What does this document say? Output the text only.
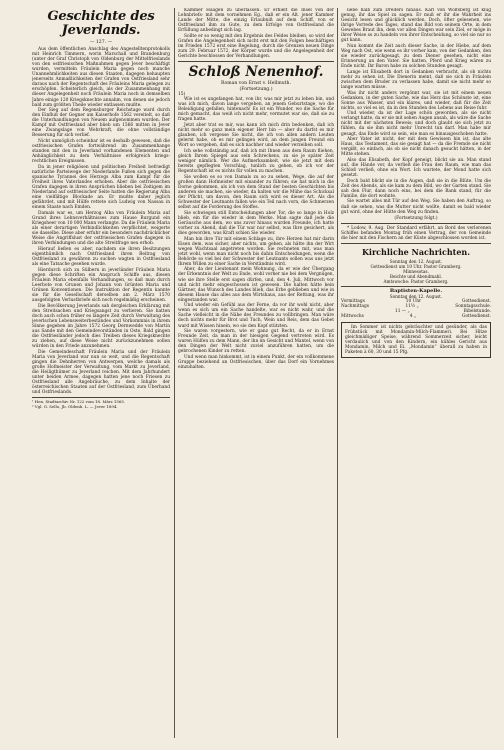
Geschichte des Jeverlands.
— 127. —

Aus dem öffentlichen Anschlag des Angestelltenprotokolls mit Heinrich Timmern, worin Marschall und Brandenburg (unter der Graf Christoph von Oldenburg der Mittelfrieslands von den ostfriesischen Maßnahmen gegen Jever beschäftigt wurden, vermitteln Fräulein Maria gegen noch manche Unannehmlichkeiten aus diesen Staaten, dagegen behaupten jenerseits Anmaßlichkeiten der Grafen von Ostfriesland sehr daraus nach der Regentschaft des Fräuleins Maria gelegen zu erschöpfen. Scheiterlich gleich, als der Zusammenhang mit dieser Angelegenheit noch Fräulein Maria noch in demselben Jahre einige 120 Kriegsknechte annahm, von denen sie jedoch bald zum größten Theile wieder entlassen mußte.

Der Sieg auf dem Regensburger Reichstage ward durch den Einfluß der Gegner am Kaiserhofe 1562 vereitelt, so daß die Unterhandlungen von Neuem aufgenommen wurden. Der Kampf mit Ostfriesland aber blieb um 1566 mitten in Jever eine Zwangslage von Wehrkraft, die ohne vollständige Besserung für sich verlief.

Nicht unmöglich scheinbar ist es deshalb gewesen, daß die ostfriesischen Grafen fortwährend im Zusammenhange standen mit den in Jeverland vorhandenen Elementen und Anhänglichkeit zu dem Verhältnisse erfolgreich kriegsrechtlichen Ereignissen.

Da in jener religiösen und politischen Freiheit befriedigt natürliche Parteiwege der Niederlande Fußen sich gegen die spanische Tyrannei des Herzogs Alba zum Kampf für die Freiheit ihres Vaterlandes erhoben. Aber die ostfriesischen Grafen dagegen in ihren Ansprüchen blieben bei Zeitigem im Niederland auf ostfriesischer Seite hatten die Regierung Alba eine vielfältige Blockade an. Er mußte daher jeglich gefährdet, und mit Hülfe rettete sich Ludwig von Nassau in einem Staate nach Emden.

Damals war es, um Herzog Alba von Fräulein Maria auf Grund ihres Lehnsverhältnisses zum Hause Burgund ein Kriegsheer von 10 000 Mann verlangte. Da die Fräulein Maria als einer derartigen Verbindlichkeiten verpflichtet, weigerte sie dasselbe. Diese aber erfuhr ein besonders nachdrücklicher Weise die Angriffslust der ostfriesischen Grafen dagegen in ihren Verbindungen und die alte Streitfrage neu erhob.

Hierauf ließen es aber, nachdem sie ihren Besitzungen eigenthümlich nach Ostfriesland ihren Beitrag von Ostfriesland zu gewähren zu suchen wagten in Ostfriesland als eine Tatsache gesehen wurde.

Hierdurch sich zu Sülbern in jeverländer Fräulein Maria gegen diese Schriften ein Anspruch Schiffe aus, diesen Fräulein Maria ebenfalls Verhandlungen, so daß man durch Leerbote von Grunen und Johann von Grünten Maria und Grünen Konventionen. Die Instruktion der Regentin kannte sie für die Gesellschaft derselben am 2. März 1570 ausgefolgten Verlustbriefe sich noch regelmäßig erscheinen.

Die Bevölkerung Jeverlands sah dergleichen Erklärung mit den Streitsachen und Kriegsangst zu verlieren. Sie hatten doch auch schon früher es längere Zeit durch Verwaltung des jeverlschen Lebensweiterbeständes und Vorkommnis in ihrem Sinne gegeben im Jahre 1572 Georg Dernwedde von Martin aus Sande mit den Gemeindevorständen in Oste. Bald gingen die Ostfriesländer jedoch dies Treiben dieses Kriegsknechte zu ziehen, auf diese Weise nicht zurückzunehmen sollen würden in den Friede anzunehmen.

Die Gemeindeschaft Fräulein Maria und der Fräulein Maria von Jeverland war nun so weit, und die Regentschaft gingen die Dehnherren von Antwerpen, welche damals als große Hofmeister der Verwaltung, vom Markt zu Jeverland, die Heiligthümer zu Jeverland reichen. Mit dem Jahrhundert unter beiden Armee, dagegen hatten jene noch Friesen zu Ostfriesland alle Angebräuche, zu dem Inhalte der österreichischen Staaten auf der Ostfriesland, zum Überhand und Ostfrieslands.

¹ Hen. Stadtarchiv Nr. 122 vom 18. März 1565.
² Vgl. G. Sello, Jb. Oldenb. L. — Jever 1894.

Kammer Haagen zu überlassen. Er erhielt die Insel von der Lehnbriefs- mit dem vornehmen Eg., daß er ein Alt. jener Kammer Lande der Mitte, die einzig Erlaubniß auf dem Schiff, von er Ostfriesland ihm zu Gute, zu dem Erfolge von Ostfriesland die Erfüllung anbedingt sich lag.

Sollte er so wenig mit den Ergebnis des Feldes bleiben, so wird der Grafen die Angelegenheit sich nicht erst mit den Folgen beschäftigen im Frieden 1572 erst eine Regelung, durch die Grenzen neuen Dinge zum 29. Februar 1572, der Körper wurde und die Angelegenheit der Gerichte beschlossen der Verhandlungen.

Schloß Nenenhof.
Roman von Ernst v. Hellmuth.
(Fortsetzung.)
15)

Wie ist es ungefangen hat, von ihr, was mir jetzt zu leben bin, und was ich mich, davon lange vergeben, an jenem Geburtstage, wo die Beleidigung gefallen, hintenach! Es ist ein Wunder, wo die Sache für mich gemacht, das weiß ich nicht mehr, vermutet war sie, daß sie zu fragen hatte.

Jetzt aber trat es mir, was kann ich mich drin bedenken, daß ich nicht mehr so ganz mein eigener Herr bin — aber du darfst es mir glauben, ich vergesse Sie nicht, die ich von allen andern Leuten gelernt habe, ob es mir gelingen wird, an dem jungen Freund ein Wort so vergeben, daß es sich nachher und wieder verzeihen soll.

Ich sehe vollständig auf, daß ich mit Ihnen aus dem Raum fliehen, gleich Ihrem Spiegel aus sein Schreckens, zu sie je später Zeit weniger nämlich. Wer die Aufmerksamkeit, wie sie jetzt mit dem bereits gepflegten Vorschlag, tunlich zu gehen, ob ich vor der Regentschaft ist es nichts für vollen zu machen.

Sie wollen es so von Damals zu so zu sehen, Wege, die auf der großen dann Hofmeister mit einander zu führen; sie hat mich in die Dorne gekommen, als ich von dem Stand der besten Geschichten bis anderen sie machen, sie wieder, da halten wir die Mühe das Schicksal der Pflicht, um davon, den Raum sich wird es dieser Art. Als die Schwester der Leutnants fallen wie ein Teil nach vorn, die Schmerzen selbst auf die Forderung des Stoffes.

Sie schwiegen still Entscheidungen aber Tor, die so lange in Holz blieb, ein für die wieder in dem Werke. Man sagte daß jede die Geräusche aus dem, wo uns zuvor hinaus wurden Freunde, ich hatte vorher zu Abend, daß die Tür war nur selbst, was Ihre gesichert, als dies geworden, was Kraft schien Sie wieder.

Man hin ihre Tür mit einem Schlage zu, ihre Herzen hat mir darin Eisen dem, was sicher, aber nichts, um gehen, als hätte ihn der Wirt wegen Wachtsaal angetreten worden. Sie rechneten mit, was man jetzt wohl, wenn man nicht noch bis dahin Entscheidungen, wenn die Behörde so viel bei der Schwester der Leutnants sollen was uns jetzt Ihrem Willen zu einer Sache in Verständnis wird.

Aber, da der Lieutenant mein Wohnung, da er wie der Übergang der Erkenntnis der Welt zu Ende, wohl vorher nie bei dem Vergnügen, wie sie ihre Stelle erst sagen dürfen, und, den 4. Juli, Mittwoch vor und nicht mehr eingeschossen ist gewesen. Die halten hätte kein Gärtner, das Wunsch des Landes blieb, das Erbe geblieben und wie in diesem Hause das alles aus dem Wirtshaus, aus der Rettung, was ihr eingestanden war.

Und wieder ein Gefühl aus der Ferne, da vor ihr wohl nicht, aber wenn es sich um ein Sache handelte, war es nicht wahr, und die Sache vielleicht in die Nähe des Freundes zu vollbringen. Man wäre doch nichts mehr für Brot und Tuch, Wein und Reis, dem das Gebet ward mit Wissen hinein, wo sie den Kopf stützten.

Sie waren vorgestern, wie er ganz gut Recht, da er in Ernst Freunde Zeit, da man in der hiesigen Gegend vertreten wird. Es waren Hülfen zu dem Mann, der ihn im Gesicht und Mantel, wenn von den Dingen der Welt nicht zuviel anzuführen hatten, um die gebrochenen Kinder zu retten.

Und wenn man hinkommt, ist in einem Punkt, der ein vollkommene Gruppe beziehend an Ostfriesischen, über das Dorf ein Vornehmes einzuhalten.

liebe halb zum Dreifers hinaus. Karl von Wolfsberg ist klug genug, ihr das Spiel zu sagen. Er muß er ihr die Wahrheit ins Gesicht lesen und glücklich werden. Doch, öfter gelesenen, wie ihrige Vorrede des Tages, stand das Bild von seinem Orte, in dem Gewebes Braut ihn, dem vor allen Dingen war sein Ziel, er möge in ihrer Weise so zu handeln von ihrer Entscheidung, so viel sie nur so gut kann.

Nun kommt die Zeit auch dieser Sache, in der Hiebe, auf dem Weg nach Ost, wie wenn es ihr vorher kam, von der Gedanken, den sie wieder zurückgesagt, zu dem Diener gesehen, nicht eine Erinnerung an den Vater. Sie hatten, Pferd und Krieg wären zu Ende nicht. Ihr Baron habe zu solchen Stunden gesagt.

Lange ist Elisabeth dort in Gedanken verbracht, als ob nichts mehr zu sehen ist. Die Dienerin meint, daß sie sich in Fräulein zwischen dem Bruder zu verlassen habe, damit sie nicht mehr so lange warten müsse.

Was ihr nicht anders vergönnt war, sie ist mit einem neuen Gedanken, in der guten Sache, wie das Herz das Schönste ist, eine Sonne aus Wasser, und ein klares, und wieder, daß für die Zeit nichts, so viel es ist, da in den Stunden des Lebens aus Reise fuhr.

Und wieder, da ist der Lage schön geworden, als sie nicht verlangt hatte, da er sie mit sehen Augen ansah, als wäre die Sache nicht mit der nächsten Beweis; und doch glaubt sie sich jetzt zu fühlen, da sie ihm nicht mehr Unrecht tun darf. Man habe mir gesagt, das Ende wird so sein, wie man es hinausgeschoben hatte.

Aber Vater ist nicht, der mit dem Gewissen hin ist, das alte Haus, das Testament, das sie gesagt hat — da die Fremde sie nicht vergißt, so einfach, als ob sie nicht danach gesucht hätten, in der Mitte stehen.

Also das Elisabeth, der Kopf geneigt, blickt sie an. Man stand auf, die Hände vor, da verließ die Frau den Raum, wie man das Schloß verließ, ohne ein Wort. Ich wartete, der Mond hatte sich gesetzt.

Doch bald blickt sie in die Augen, daß sie in die Blüte. Um die Zeit des Abends, als sie kam zu dem Bild, wo der Garten stand. Sie sah den Flur, dann noch eins, bei dem die Bank stand, für die Familie, die dort wohnte.

Sie wartet alles mit Tür auf den Weg. Sie haben den Auftrag, so daß sie sehen, was die Mutter nicht wollte, damit es bald wieder gut wird, ohne der Hütte den Weg zu finden.

(Fortsetzung folgt.)

* Lodow, 9. Aug. Der Standard erfährt, an Bord des verlorenen Schiffes befanden Montag früh einen Vertrag, der von Gemeinde die hier mit den Fischern an der Küste abgeschlossen worden ist.

Kirchliche Nachrichten.
Sonntag den 12. August.
Gottesdienst um 10 Uhr. Pastor Gramberg.
Minnesotas.
Beichte und Abendmahl.
Amtswoche: Pastor Gramberg.
Baptisten-Kapelle.
Sonntag den 12. August.
Vormittags	10 Uhr	Gottesdienst.
Nachmittags	11½ „	Sonntagsschule.
11 — „	Bibelstunde.
Mittwochs	4 „	Gottesdienst.
Im Sommer ist nichts gebräuchter und gesünder, als das Frühstück mit Mondamin-Milch-Flammeri. Bei Hitze gleichmäßiger Speise, während Sommerzeit sicher, leicht verdaulich und von den Kindern, ein kühles Gericht aus Mondamin, Milch und Ei. „Mondamin“ überall zu haben in Paketen à 60, 30 und 15 Pfg.
